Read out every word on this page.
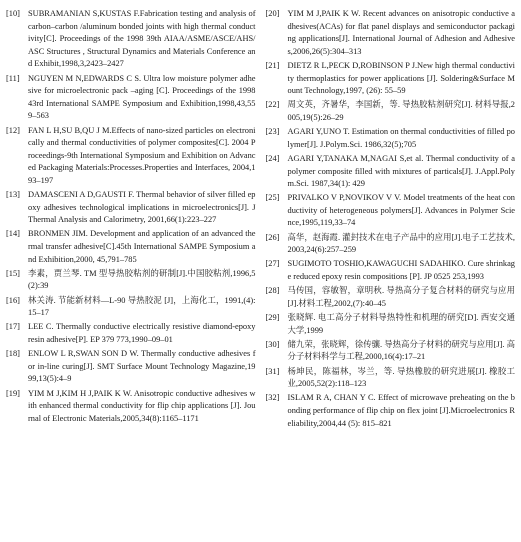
[10] SUBRAMANIAN S,KUSTAS F.Fabrication testing and analysis of carbon–carbon /aluminum bonded joints with high thermal conductivity[C]. Proceedings of the 1998 39th AIAA/ASME/ASCE/AHS/ASC Structures , Structural Dynamics and Materials Conference and Exhibit,1998,3,2423–2427
[11] NGUYEN M N,EDWARDS C S. Ultra low moisture polymer adhesive for microelectronic pack –aging [C]. Proceedings of the 1998 43rd International SAMPE Symposium and Exhibition,1998,43,559–563
[12] FAN L H,SU B,QU J M.Effects of nano-sized particles on electronically and thermal conductivities of polymer composites[C]. 2004 Proceedings-9th International Symposium and Exhibition on Advanced Packaging Materials:Processes.Properties and Interfaces, 2004,193–197
[13] DAMASCENI A D,GAUSTI F. Thermal behavior of silver filled epoxy adhesives technological implications in microelectronics[J]. J Thermal Analysis and Calorimetry, 2001,66(1):223–227
[14] BRONMEN JIM. Development and application of an advanced thermal transfer adhesive[C].45th International SAMPE Symposium and Exhibition,2000, 45,791–785
[15] 李素，贾兰琴. TM 型导热胶粘剂的研制[J].中国胶粘剂,1996,5(2):39
[16] 林关涛. 节能新材料—L-90 导热胶泥 [J]，上海化工，1991,(4):15–17
[17] LEE C. Thermally conductive electrically resistive diamond-epoxy resin adhesive[P]. EP 379 773,1990–09–01
[18] ENLOW L R,SWAN SON D W. Thermally conductive adhesives for in-line curing[J]. SMT Surface Mount Technology Magazine,1999,13(5):4–9
[19] YIM M J,KIM H J,PAIK K W. Anisotropic conductive adhesives with enhanced thermal conductivity for flip chip applications [J]. Journal of Electronic Materials,2005,34(8):1165–1171
[20] YIM M J,PAIK K W. Recent advances on anisotropic conductive adhesives(ACAs) for flat panel displays and semiconductor packaging applications[J]. International Journal of Adhesion and Adhesives,2006,26(5):304–313
[21] DIETZ R L,PECK D,ROBINSON P J.New high thermal conductivity thermoplastics for power applications [J]. Soldering&Surface Mount Technology,1997, (26): 55–59
[22] 周文英，齐暑华，李国新，等. 导热胶粘剂研究[J]. 材料导报,2005,19(5):26–29
[23] AGARI Y,UNO T. Estimation on thermal conductivities of filled polymer[J]. J.Polym.Sci. 1986,32(5);705
[24] AGARI Y,TANAKA M,NAGAI S,et al. Thermal conductivity of a polymer composite filled with mixtures of particals[J]. J.Appl.Polym.Sci. 1987,34(1): 429
[25] PRIVALKO V P,NOVIKOV V V. Model treatments of the heat conductivity of heterogeneous polymers[J]. Advances in Polymer Science,1995,119,33–74
[26] 高华，赵海霞. 灌封技术在电子产品中的应用[J].电子工艺技术,2003,24(6):257–259
[27] SUGIMOTO TOSHIO,KAWAGUCHI SADAHIKO. Cure shrinkage reduced epoxy resin compositions [P]. JP 0525 253,1993
[28] 马传国，容敏智，章明秋. 导热高分子复合材料的研究与应用[J].材料工程,2002,(7):40–45
[29] 张晓辉. 电工高分子材料导热特性和机理的研究[D]. 西安交通大学,1999
[30] 储九荣，张晓辉，徐传骧. 导热高分子材料的研究与应用[J]. 高分子材料科学与工程,2000,16(4):17–21
[31] 杨坤民，陈福林，岑兰，等. 导热橡胶的研究进展[J]. 橡胶工业,2005,52(2):118–123
[32] ISLAM R A, CHAN Y C. Effect of microwave preheating on the bonding performance of flip chip on flex joint [J].Microelectronics Reliability,2004,44 (5): 815–821
